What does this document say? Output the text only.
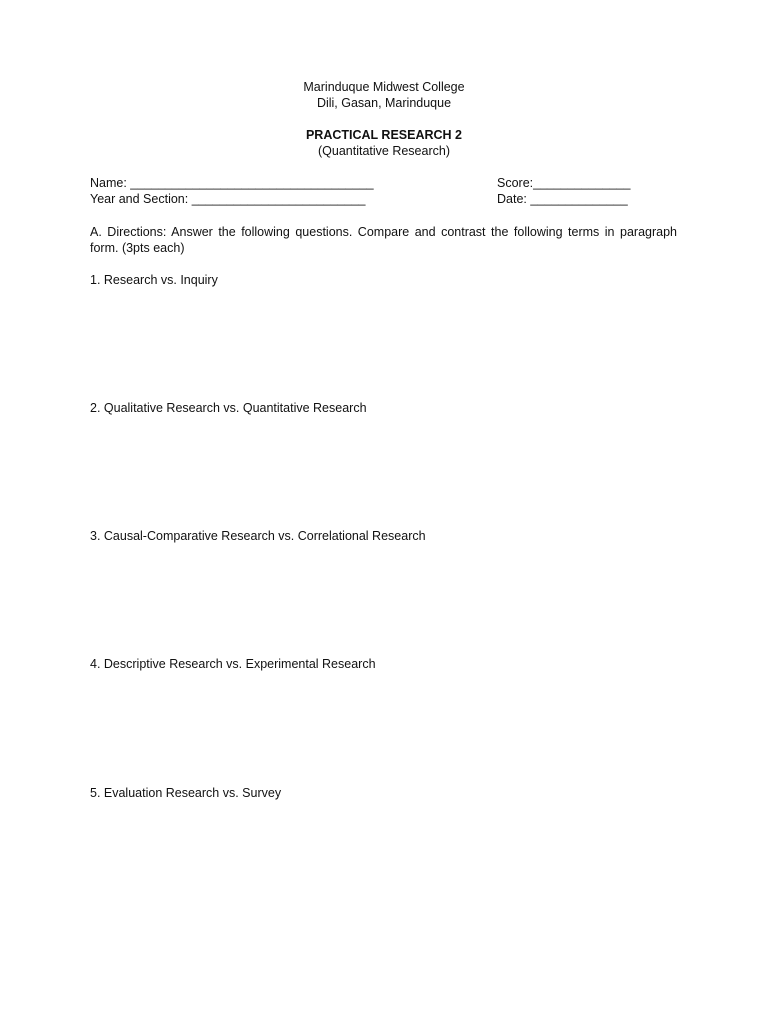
Marinduque Midwest College
Dili, Gasan, Marinduque
PRACTICAL RESEARCH 2
(Quantitative Research)
Name: ___________________________________	Score:______________
Year and Section: _________________________	Date: ______________
A. Directions: Answer the following questions. Compare and contrast the following terms in paragraph form. (3pts each)
1. Research vs. Inquiry
2. Qualitative Research vs. Quantitative Research
3. Causal-Comparative Research vs. Correlational Research
4. Descriptive Research vs. Experimental Research
5. Evaluation Research vs. Survey
